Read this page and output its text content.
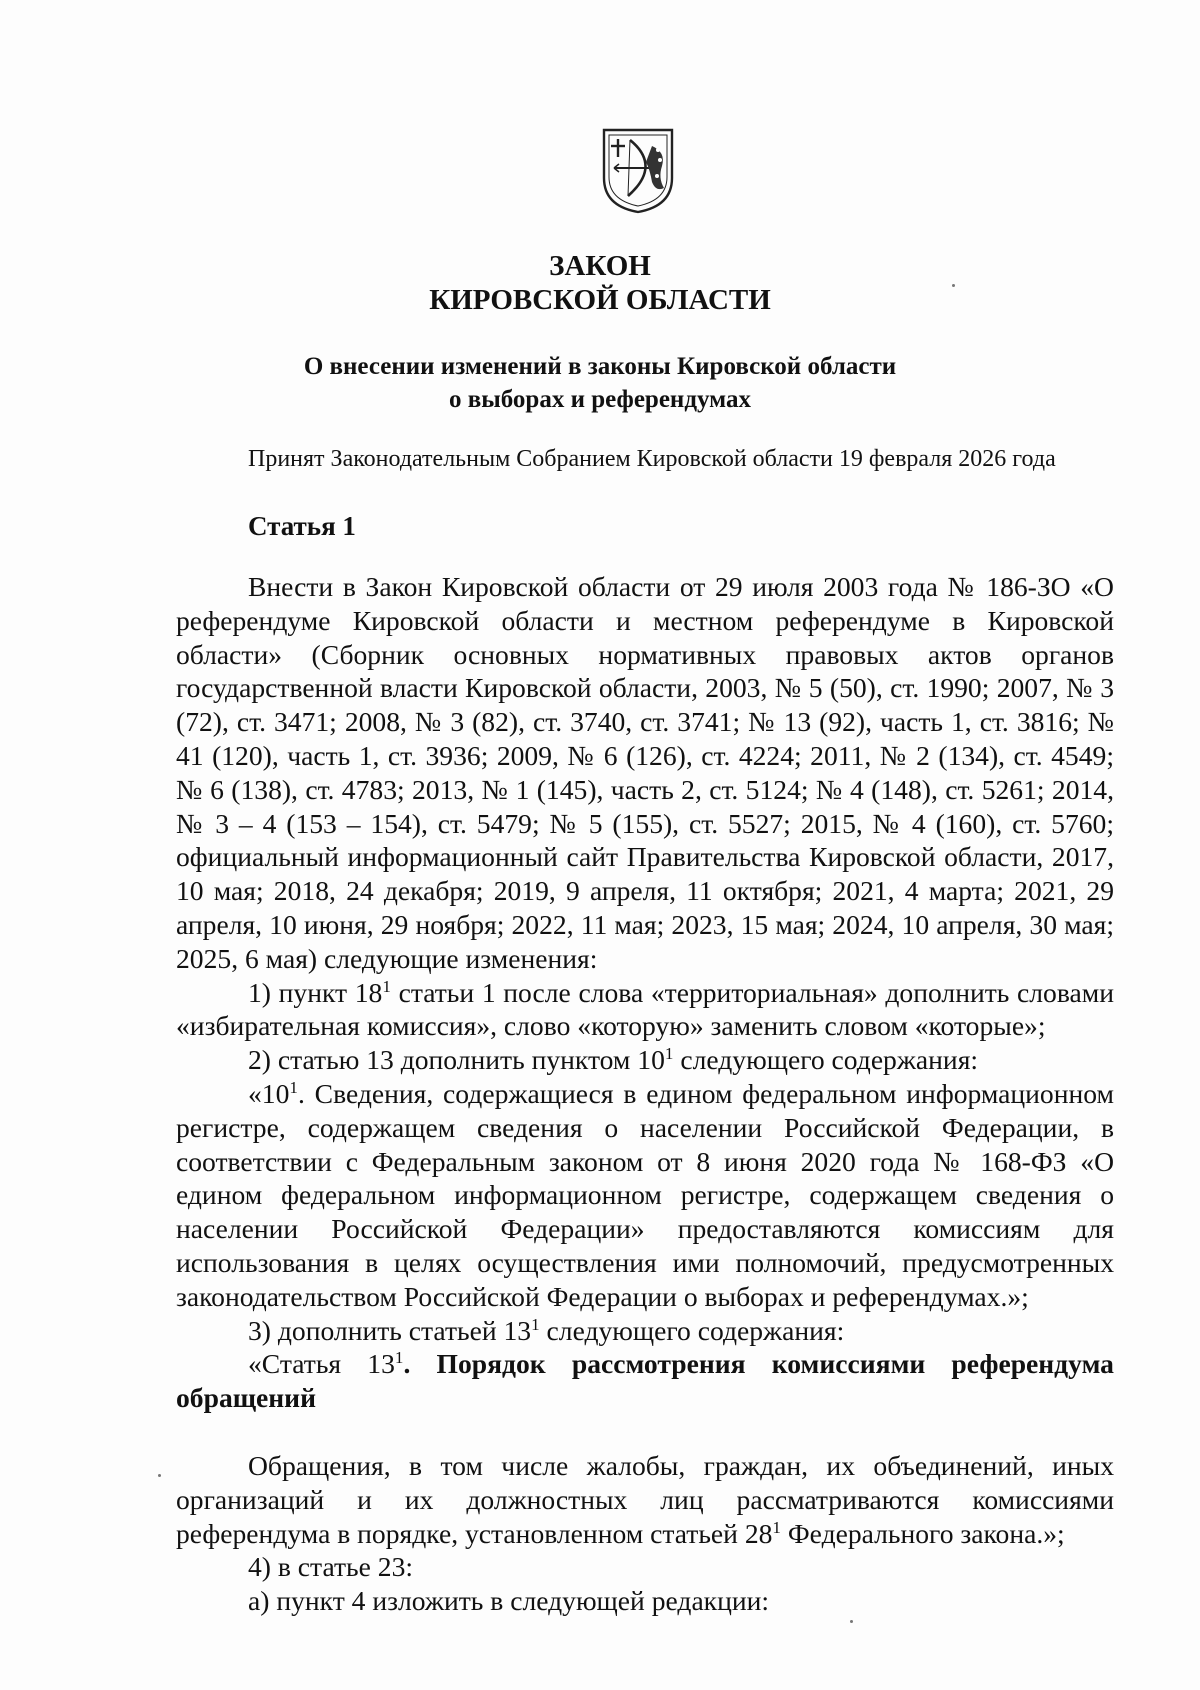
ЗАКОН
КИРОВСКОЙ ОБЛАСТИ
О внесении изменений в законы Кировской области
о выборах и референдумах

Принят Законодательным Собранием Кировской области 19 февраля 2026 года

Статья 1

Внести в Закон Кировской области от 29 июля 2003 года № 186-ЗО «О референдуме Кировской области и местном референдуме в Кировской области» (Сборник основных нормативных правовых актов органов государственной власти Кировской области, 2003, № 5 (50), ст. 1990; 2007, № 3 (72), ст. 3471; 2008, № 3 (82), ст. 3740, ст. 3741; № 13 (92), часть 1, ст. 3816; № 41 (120), часть 1, ст. 3936; 2009, № 6 (126), ст. 4224; 2011, № 2 (134), ст. 4549; № 6 (138), ст. 4783; 2013, № 1 (145), часть 2, ст. 5124; № 4 (148), ст. 5261; 2014, № 3 – 4 (153 – 154), ст. 5479; № 5 (155), ст. 5527; 2015, № 4 (160), ст. 5760; официальный информационный сайт Правительства Кировской области, 2017, 10 мая; 2018, 24 декабря; 2019, 9 апреля, 11 октября; 2021, 4 марта; 2021, 29 апреля, 10 июня, 29 ноября; 2022, 11 мая; 2023, 15 мая; 2024, 10 апреля, 30 мая; 2025, 6 мая) следующие изменения:

1) пункт $18^1$ статьи 1 после слова «территориальная» дополнить словами «избирательная комиссия», слово «которую» заменить словом «которые»;

2) статью 13 дополнить пунктом $10^1$ следующего содержания:

«$10^1$. Сведения, содержащиеся в едином федеральном информационном регистре, содержащем сведения о населении Российской Федерации, в соответствии с Федеральным законом от 8 июня 2020 года № 168-ФЗ «О едином федеральном информационном регистре, содержащем сведения о населении Российской Федерации» предоставляются комиссиям для использования в целях осуществления ими полномочий, предусмотренных законодательством Российской Федерации о выборах и референдумах.»;

3) дополнить статьей $13^1$ следующего содержания:

«Статья $13^1$. Порядок рассмотрения комиссиями референдума обращений

Обращения, в том числе жалобы, граждан, их объединений, иных организаций и их должностных лиц рассматриваются комиссиями референдума в порядке, установленном статьей $28^1$ Федерального закона.»;

4) в статье 23:

а) пункт 4 изложить в следующей редакции:
